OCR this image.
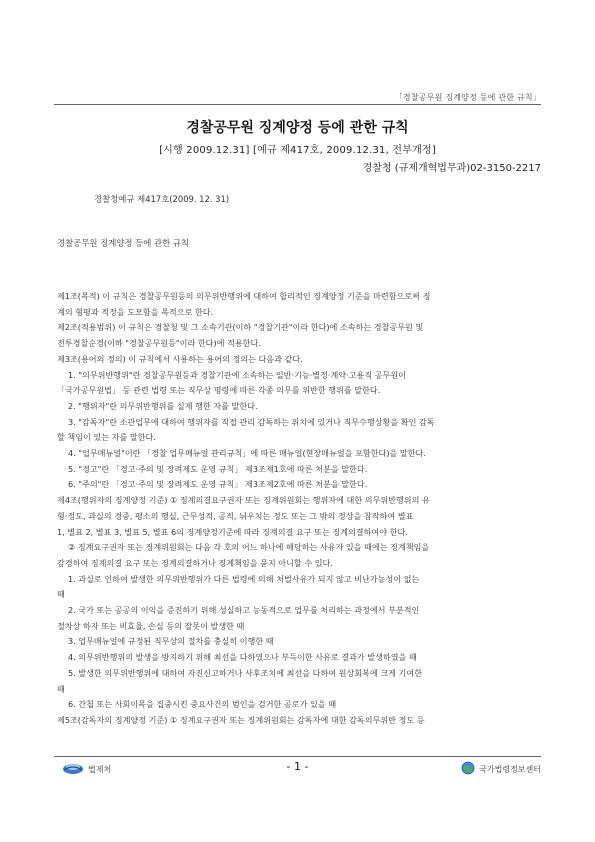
「경찰공무원 징계양정 등에 관한 규칙」
경찰공무원 징계양정 등에 관한 규칙
[시행 2009.12.31] [예규 제417호, 2009.12.31, 전부개정]
경찰청 (규제개혁법무과)02-3150-2217
경찰청예규 제417호(2009. 12. 31)
경찰공무원 징계양정 등에 관한 규칙
제1조(목적) 이 규칙은 경찰공무원등의 의무위반행위에 대하여 합리적인 징계양정 기준을 마련함으로써 징
계의 형평과 적정을 도모함을 목적으로 한다.
제2조(적용범위) 이 규칙은 경찰청 및 그 소속기관(이하 "경찰기관"이라 한다)에 소속하는 경찰공무원 및
전투경찰순경(이하 "경찰공무원등"이라 한다)에 적용한다.
제3조(용어의 정의) 이 규칙에서 사용하는 용어의 정의는 다음과 같다.
1. "의무위반행위"란 경찰공무원등과 경찰기관에 소속하는 일반·기능·별정·계약·고용직 공무원이
「국가공무원법」 등 관련 법령 또는 직무상 명령에 따른 각종 의무를 위반한 행위를 말한다.
2. "행위자"란 의무위반행위를 실제 행한 자를 말한다.
3. "감독자"란 소관업무에 대하여 행위자를 직접 관리 감독하는 위치에 있거나 직무수행상황을 확인 감독
할 책임이 있는 자를 말한다.
4. "업무매뉴얼"이란 「경찰 업무매뉴얼 관리규칙」에 따른 매뉴얼(현장매뉴얼을 포함한다)을 말한다.
5. "경고"란 「경고·주의 및 장려제도 운영 규칙」 제3조제1호에 따른 처분을 말한다.
6. "주의"란 「경고·주의 및 장려제도 운영 규칙」 제3조제2호에 따른 처분을 말한다.
제4조(행위자의 징계양정 기준) ① 징계의결요구권자 또는 징계위원회는 행위자에 대한 의무위반행위의 유
형·정도, 과실의 경중, 평소의 행실, 근무성적, 공적, 뉘우치는 정도 또는 그 밖의 정상을 참작하여 별표
1, 별표 2, 별표 3, 별표 5, 별표 6의 징계양정기준에 따라 징계의결 요구 또는 징계의결하여야 한다.
② 징계요구권자 또는 징계위원회는 다음 각 호의 어느 하나에 해당하는 사유가 있을 때에는 징계책임을
감경하여 징계의결 요구 또는 징계의결하거나 징계책임을 묻지 아니할 수 있다.
1. 과실로 인하여 발생한 의무위반행위가 다른 법령에 의해 처벌사유가 되지 않고 비난가능성이 없는
때
2. 국가 또는 공공의 이익을 증진하기 위해 성실하고 능동적으로 업무를 처리하는 과정에서 부분적인
절차상 하자 또는 비효율, 손실 등의 잘못이 발생한 때
3. 업무매뉴얼에 규정된 직무상의 절차를 충실히 이행한 때
4. 의무위반행위의 발생을 방지하기 위해 최선을 다하였으나 부득이한 사유로 결과가 발생하였을 때
5. 발생한 의무위반행위에 대하여 자진신고하거나 사후조치에 최선을 다하여 원상회복에 크게 기여한
때
6. 간첩 또는 사회이목을 집중시킨 중요사건의 범인을 검거한 공로가 있을 때
제5조(감독자의 징계양정 기준) ① 징계요구권자 또는 징계위원회는 감독자에 대한 감독의무위반 정도 등
법제처	- 1 -	국가법령정보센터
